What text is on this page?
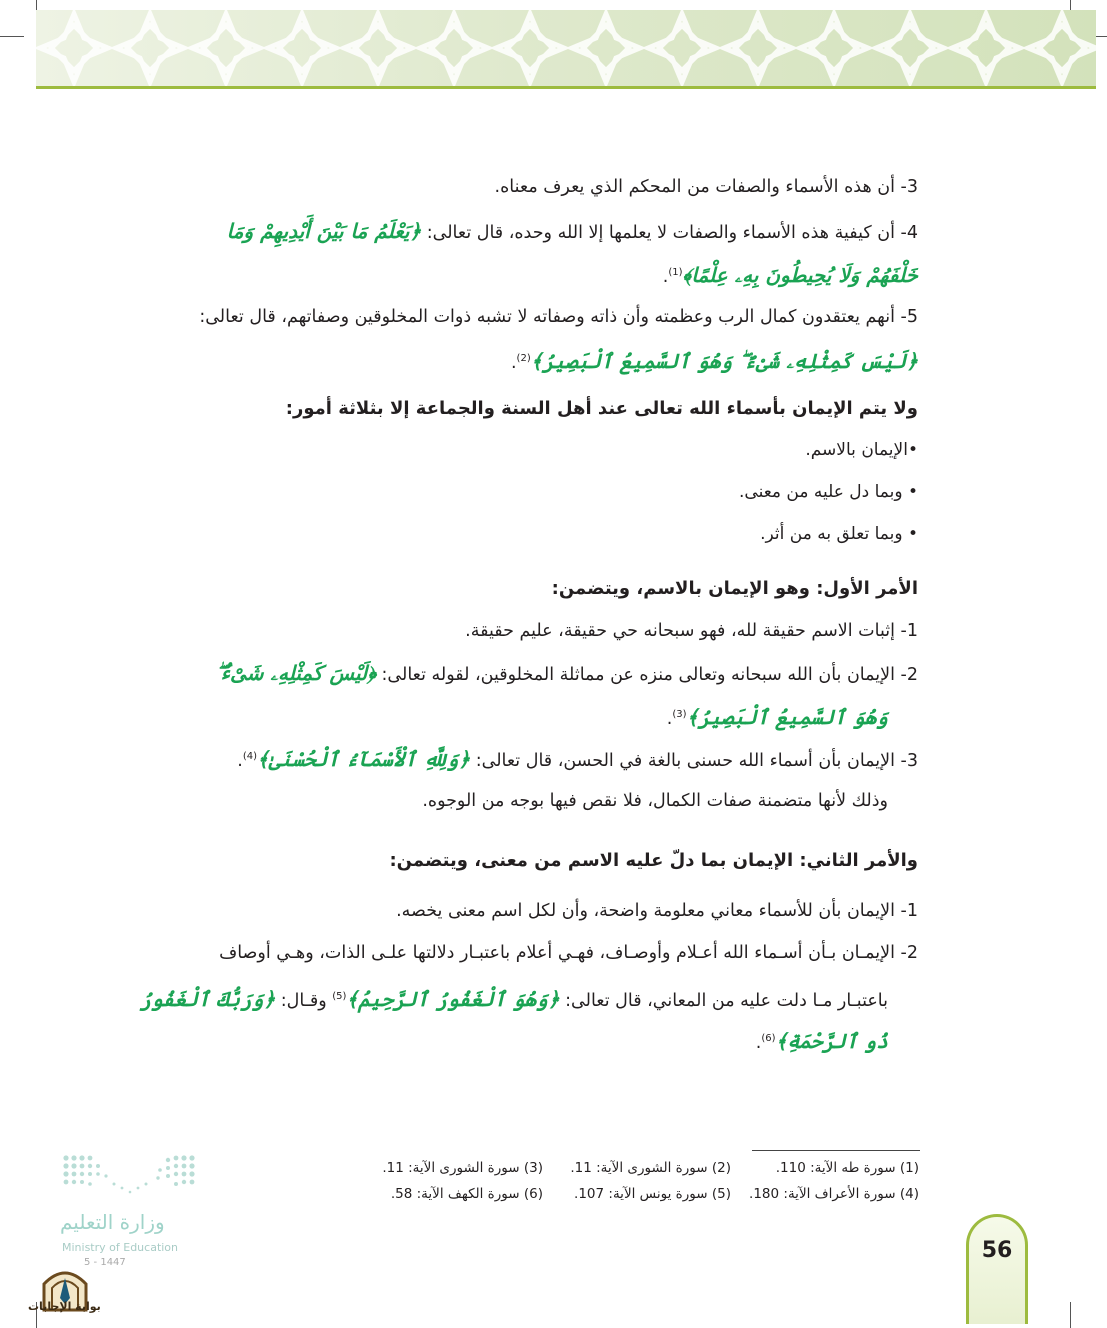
3- أن هذه الأسماء والصفات من المحكم الذي يعرف معناه.
4- أن كيفية هذه الأسماء والصفات لا يعلمها إلا الله وحده، قال تعالى: ﴿يَعْلَمُ مَا بَيْنَ أَيْدِيهِمْ وَمَا
خَلْفَهُمْ وَلَا يُحِيطُونَ بِهِۦ عِلْمًا﴾$^{(1)}$.
5- أنهم يعتقدون كمال الرب وعظمته وأن ذاته وصفاته لا تشبه ذوات المخلوقين وصفاتهم، قال تعالى:
﴿لَيْسَ كَمِثْلِهِۦ شَىْءٌ ۖ وَهُوَ ٱلسَّمِيعُ ٱلْبَصِيرُ﴾$^{(2)}$.
ولا يتم الإيمان بأسماء الله تعالى عند أهل السنة والجماعة إلا بثلاثة أمور:
•الإيمان بالاسم.
• وبما دل عليه من معنى.
• وبما تعلق به من أثر.
الأمر الأول: وهو الإيمان بالاسم، ويتضمن:
1- إثبات الاسم حقيقة لله، فهو سبحانه حي حقيقة، عليم حقيقة.
2- الإيمان بأن الله سبحانه وتعالى منزه عن مماثلة المخلوقين، لقوله تعالى: ﴿لَيْسَ كَمِثْلِهِۦ شَىْءٌ ۖ
وَهُوَ ٱلسَّمِيعُ ٱلْبَصِيرُ﴾$^{(3)}$.
3- الإيمان بأن أسماء الله حسنى بالغة في الحسن، قال تعالى: ﴿وَلِلَّهِ ٱلْأَسْمَآءُ ٱلْحُسْنَىٰ﴾$^{(4)}$.
وذلك لأنها متضمنة صفات الكمال، فلا نقص فيها بوجه من الوجوه.
والأمر الثاني: الإيمان بما دلّ عليه الاسم من معنى، ويتضمن:
1- الإيمان بأن للأسماء معاني معلومة واضحة، وأن لكل اسم معنى يخصه.
2- الإيمـان بـأن أسـماء الله أعـلام وأوصـاف، فهـي أعلام باعتبـار دلالتها علـى الذات، وهـي أوصاف
باعتبـار مـا دلت عليه من المعاني، قال تعالى: ﴿وَهُوَ ٱلْغَفُورُ ٱلرَّحِيمُ﴾$^{(5)}$ وقـال: ﴿وَرَبُّكَ ٱلْغَفُورُ
ذُو ٱلرَّحْمَةِ﴾$^{(6)}$.
(1) سورة طه الآية: 110.
(2) سورة الشورى الآية: 11.
(3) سورة الشورى الآية: 11.
(4) سورة الأعراف الآية: 180.
(5) سورة يونس الآية: 107.
(6) سورة الكهف الآية: 58.
56
وزارة التعليم
Ministry of Education
5 - 1447
بوابة الإجابات
